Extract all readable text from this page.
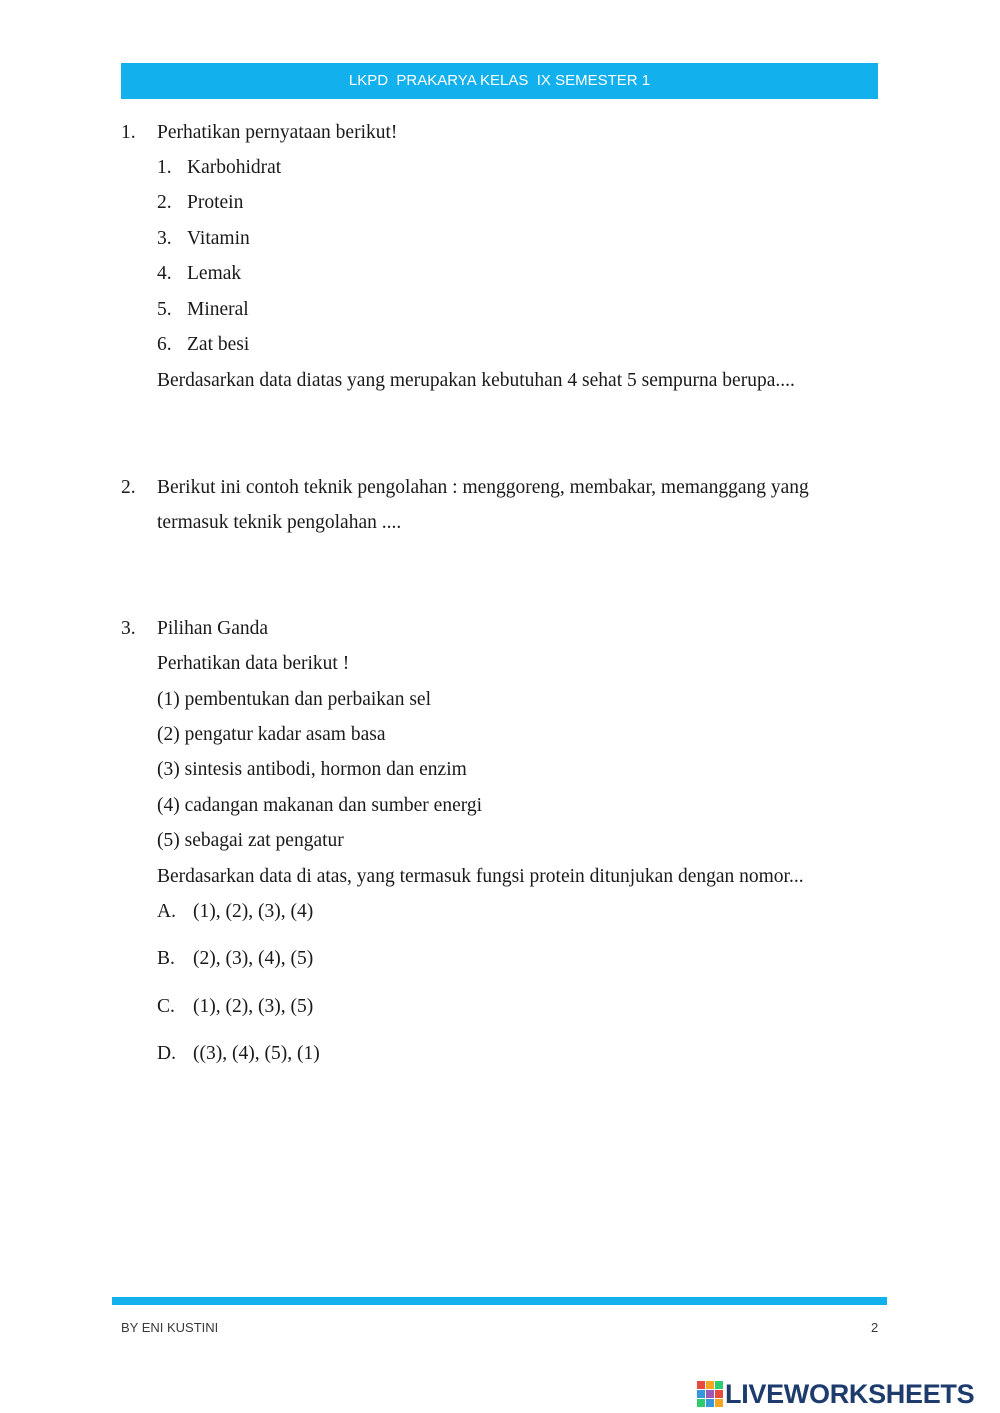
LKPD  PRAKARYA KELAS  IX SEMESTER 1
1. Perhatikan pernyataan berikut!
1. Karbohidrat
2. Protein
3. Vitamin
4. Lemak
5. Mineral
6. Zat besi
Berdasarkan data diatas yang merupakan kebutuhan 4 sehat 5 sempurna berupa....
2. Berikut ini contoh teknik pengolahan : menggoreng, membakar, memanggang yang
termasuk teknik pengolahan ....
3. Pilihan Ganda
Perhatikan data berikut !
(1) pembentukan dan perbaikan sel
(2) pengatur kadar asam basa
(3) sintesis antibodi, hormon dan enzim
(4) cadangan makanan dan sumber energi
(5) sebagai zat pengatur
Berdasarkan data di atas, yang termasuk fungsi protein ditunjukan dengan nomor...
A. (1), (2), (3), (4)
B. (2), (3), (4), (5)
C. (1), (2), (3), (5)
D. ((3), (4), (5), (1)
BY ENI KUSTINI	2
LIVEWORKSHEETS
